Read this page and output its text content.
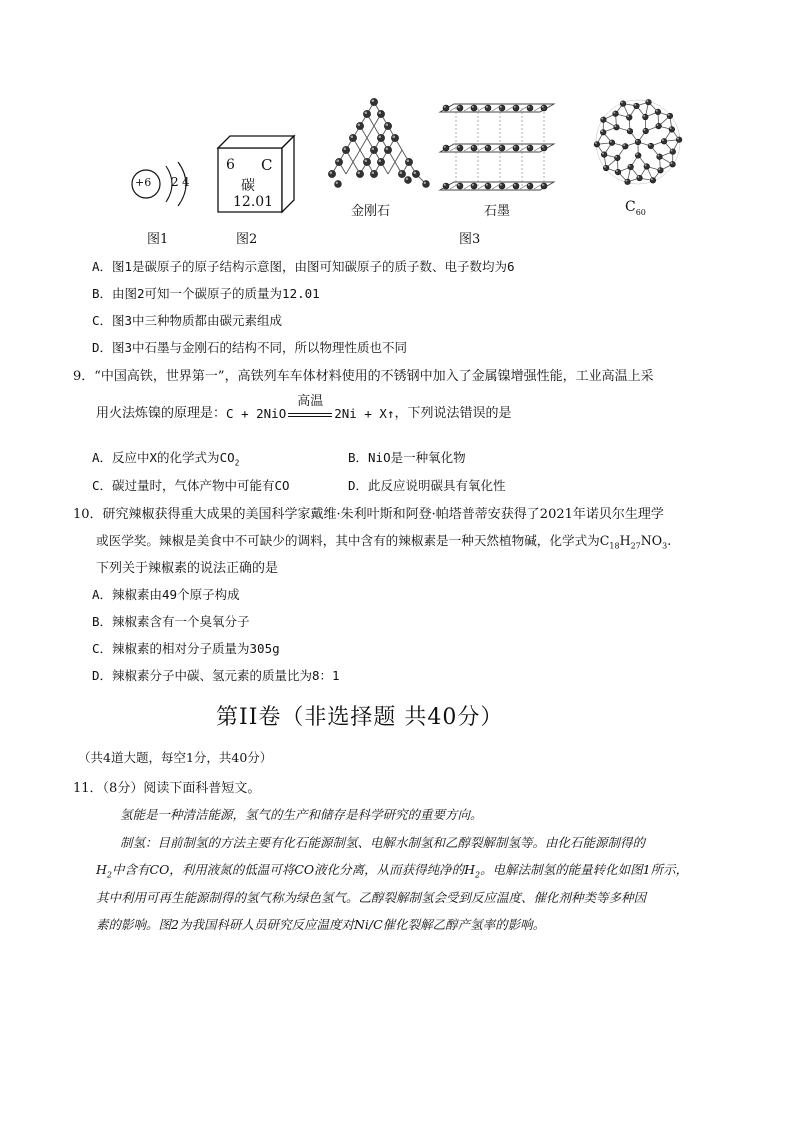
+6 2 4
图1
6 C
碳
12.01
图2
金刚石	石墨
图3
$C_{60}$
A．图1是碳原子的原子结构示意图，由图可知碳原子的质子数、电子数均为6
B．由图2可知一个碳原子的质量为12.01
C．图3中三种物质都由碳元素组成
D．图3中石墨与金刚石的结构不同，所以物理性质也不同
9．“中国高铁，世界第一”，高铁列车车体材料使用的不锈钢中加入了金属镍增强性能，工业高温上采
用火法炼镍的原理是：C + 2NiO
高温
2Ni + X↑，下列说法错误的是
A．反应中X的化学式为$CO_2$	B．NiO是一种氧化物
C．碳过量时，气体产物中可能有CO	D．此反应说明碳具有氧化性
10．研究辣椒获得重大成果的美国科学家戴维·朱利叶斯和阿登·帕塔普蒂安获得了2021年诺贝尔生理学
或医学奖。辣椒是美食中不可缺少的调料，其中含有的辣椒素是一种天然植物碱，化学式为$C_{18}H_{27}NO_3$.
下列关于辣椒素的说法正确的是
A．辣椒素由49个原子构成
B．辣椒素含有一个臭氧分子
C．辣椒素的相对分子质量为305g
D．辣椒素分子中碳、氢元素的质量比为8：1
第II卷（非选择题 共40分）
（共4道大题，每空1分，共40分）
11．（8分）阅读下面科普短文。
氢能是一种清洁能源，氢气的生产和储存是科学研究的重要方向。
制氢：目前制氢的方法主要有化石能源制氢、电解水制氢和乙醇裂解制氢等。由化石能源制得的
$H_2$中含有CO，利用液氮的低温可将CO液化分离，从而获得纯净的$H_2$。电解法制氢的能量转化如图1所示，
其中利用可再生能源制得的氢气称为绿色氢气。乙醇裂解制氢会受到反应温度、催化剂种类等多种因
素的影响。图2为我国科研人员研究反应温度对Ni/C催化裂解乙醇产氢率的影响。
